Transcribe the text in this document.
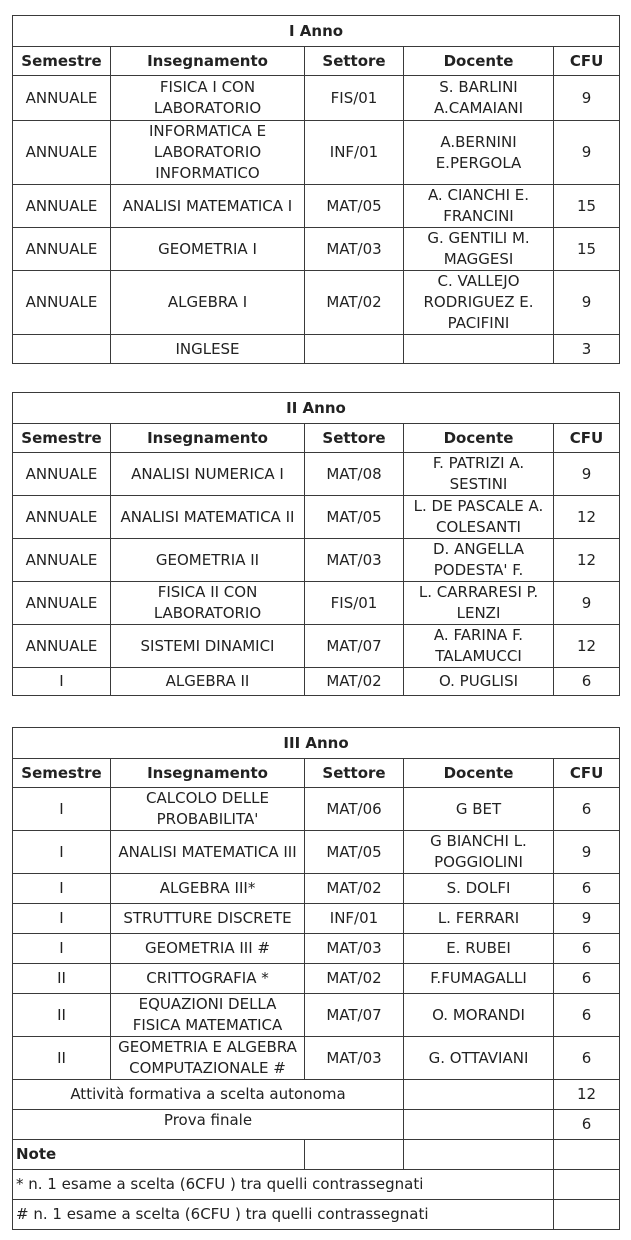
I Anno				
Semestre	Insegnamento	Settore	Docente	CFU
ANNUALE	FISICA I CON LABORATORIO	FIS/01	S. BARLINI A.CAMAIANI	9
ANNUALE	INFORMATICA E LABORATORIO INFORMATICO	INF/01	A.BERNINI E.PERGOLA	9
ANNUALE	ANALISI MATEMATICA I	MAT/05	A. CIANCHI E. FRANCINI	15
ANNUALE	GEOMETRIA I	MAT/03	G. GENTILI M. MAGGESI	15
ANNUALE	ALGEBRA I	MAT/02	C. VALLEJO RODRIGUEZ E. PACIFINI	9
	INGLESE			3
II Anno				
Semestre	Insegnamento	Settore	Docente	CFU
ANNUALE	ANALISI NUMERICA I	MAT/08	F. PATRIZI A. SESTINI	9
ANNUALE	ANALISI MATEMATICA II	MAT/05	L. DE PASCALE A. COLESANTI	12
ANNUALE	GEOMETRIA II	MAT/03	D. ANGELLA PODESTA' F.	12
ANNUALE	FISICA II CON LABORATORIO	FIS/01	L. CARRARESI P. LENZI	9
ANNUALE	SISTEMI DINAMICI	MAT/07	A. FARINA F. TALAMUCCI	12
I	ALGEBRA II	MAT/02	O. PUGLISI	6
III Anno				
Semestre	Insegnamento	Settore	Docente	CFU
I	CALCOLO DELLE PROBABILITA'	MAT/06	G BET	6
I	ANALISI MATEMATICA III	MAT/05	G BIANCHI L. POGGIOLINI	9
I	ALGEBRA III*	MAT/02	S. DOLFI	6
I	STRUTTURE DISCRETE	INF/01	L. FERRARI	9
I	GEOMETRIA III #	MAT/03	E. RUBEI	6
II	CRITTOGRAFIA *	MAT/02	F.FUMAGALLI	6
II	EQUAZIONI DELLA FISICA MATEMATICA	MAT/07	O. MORANDI	6
II	GEOMETRIA E ALGEBRA COMPUTAZIONALE #	MAT/03	G. OTTAVIANI	6
Attività formativa a scelta autonoma				12
Prova finale				6
Note				
* n. 1 esame a scelta (6CFU ) tra quelli contrassegnati				
# n. 1 esame a scelta (6CFU ) tra quelli contrassegnati				
